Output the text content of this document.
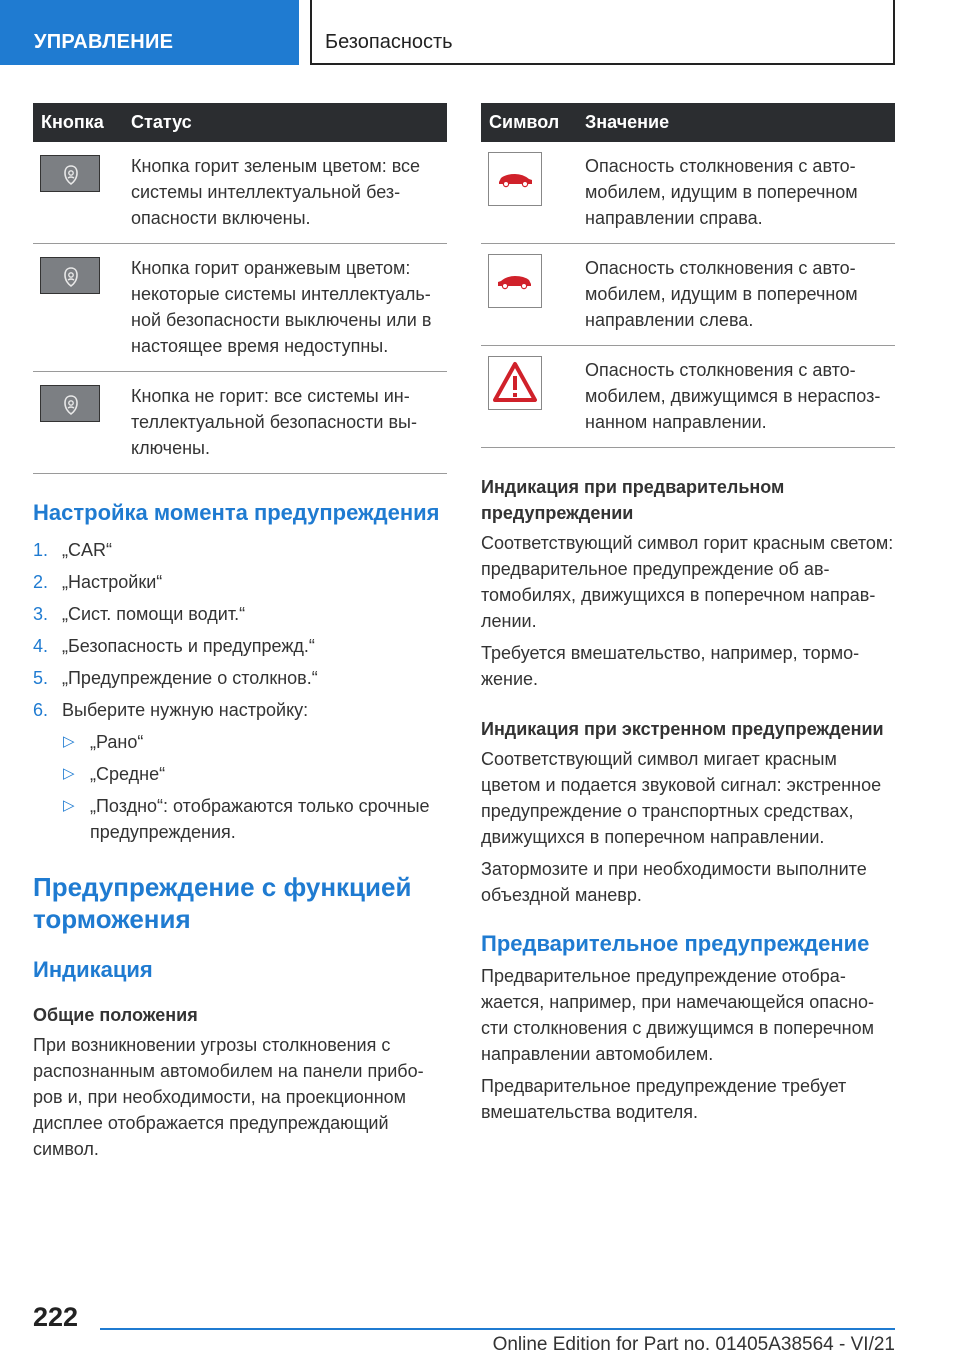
УПРАВЛЕНИЕ	Безопасность
Кнопка	Статус

	Кнопка горит зеленым цветом: все системы интеллектуальной безопасности включены.

	Кнопка горит оранжевым цветом: некоторые системы интеллектуальной безопасности выключены или в настоящее время недоступны.

	Кнопка не горит: все системы интеллектуальной безопасности выключены.
Настройка момента предупреждения
1. „CAR“
2. „Настройки“
3. „Сист. помощи водит.“
4. „Безопасность и предупрежд.“
5. „Предупреждение о столкнов.“
6. Выберите нужную настройку:
▷ „Рано“
▷ „Средне“
▷ „Поздно“: отображаются только срочные предупреждения.
Предупреждение с функцией торможения
Индикация
Общие положения

При возникновении угрозы столкновения с распознанным автомобилем на панели приборов и, при необходимости, на проекционном дисплее отображается предупреждающий символ.

Символ	Значение

	Опасность столкновения с автомобилем, идущим в поперечном направлении справа.

	Опасность столкновения с автомобилем, идущим в поперечном направлении слева.

	Опасность столкновения с автомобилем, движущимся в нераспознанном направлении.
Индикация при предварительном предупреждении

Соответствующий символ горит красным светом: предварительное предупреждение об автомобилях, движущихся в поперечном направлении.

Требуется вмешательство, например, торможение.

Индикация при экстренном предупреждении

Соответствующий символ мигает красным цветом и подается звуковой сигнал: экстренное предупреждение о транспортных средствах, движущихся в поперечном направлении.

Затормозите и при необходимости выполните объездной маневр.

Предварительное предупреждение

Предварительное предупреждение отображается, например, при намечающейся опасности столкновения с движущимся в поперечном направлении автомобилем.

Предварительное предупреждение требует вмешательства водителя.

222
Online Edition for Part no. 01405A38564 - VI/21
